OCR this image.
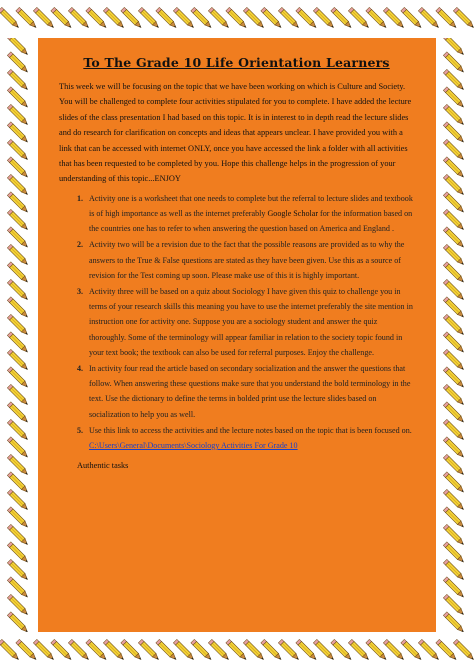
To The Grade 10 Life Orientation Learners

This week we will be focusing on the topic that we have been working on which is Culture and Society. You will be challenged to complete four activities stipulated for you to complete. I have added the lecture slides of the class presentation I had based on this topic. It is in interest to in depth read the lecture slides and do research for clarification on concepts and ideas that appears unclear. I have provided you with a link that can be accessed with internet ONLY, once you have accessed the link a folder with all activities that has been requested to be completed by you. Hope this challenge helps in the progression of your understanding of this topic...ENJOY

Activity one is a worksheet that one needs to complete but the referral to lecture slides and textbook is of high importance as well as the internet preferably Google Scholar for the information based on the countries one has to refer to when answering the question based on America and England .
Activity two will be a revision due to the fact that the possible reasons are provided as to why the answers to the True & False questions are stated as they have been given. Use this as a source of revision for the Test coming up soon. Please make use of this it is highly important.
Activity three will be based on a quiz about Sociology I have given this quiz to challenge you in terms of your research skills this meaning you have to use the internet preferably the site mention in instruction one for activity one. Suppose you are a sociology student and answer the quiz thoroughly. Some of the terminology will appear familiar in relation to the society topic found in your text book; the textbook can also be used for referral purposes. Enjoy the challenge.
In activity four read the article based on secondary socialization and the answer the questions that follow. When answering these questions make sure that you understand the bold terminology in the text. Use the dictionary to define the terms in bolded print use the lecture slides based on socialization to help you as well.
Use this link to access the activities and the lecture notes based on the topic that is been focused on. C:\Users\General\Documents\Sociology Activities For Grade 10
Authentic tasks
